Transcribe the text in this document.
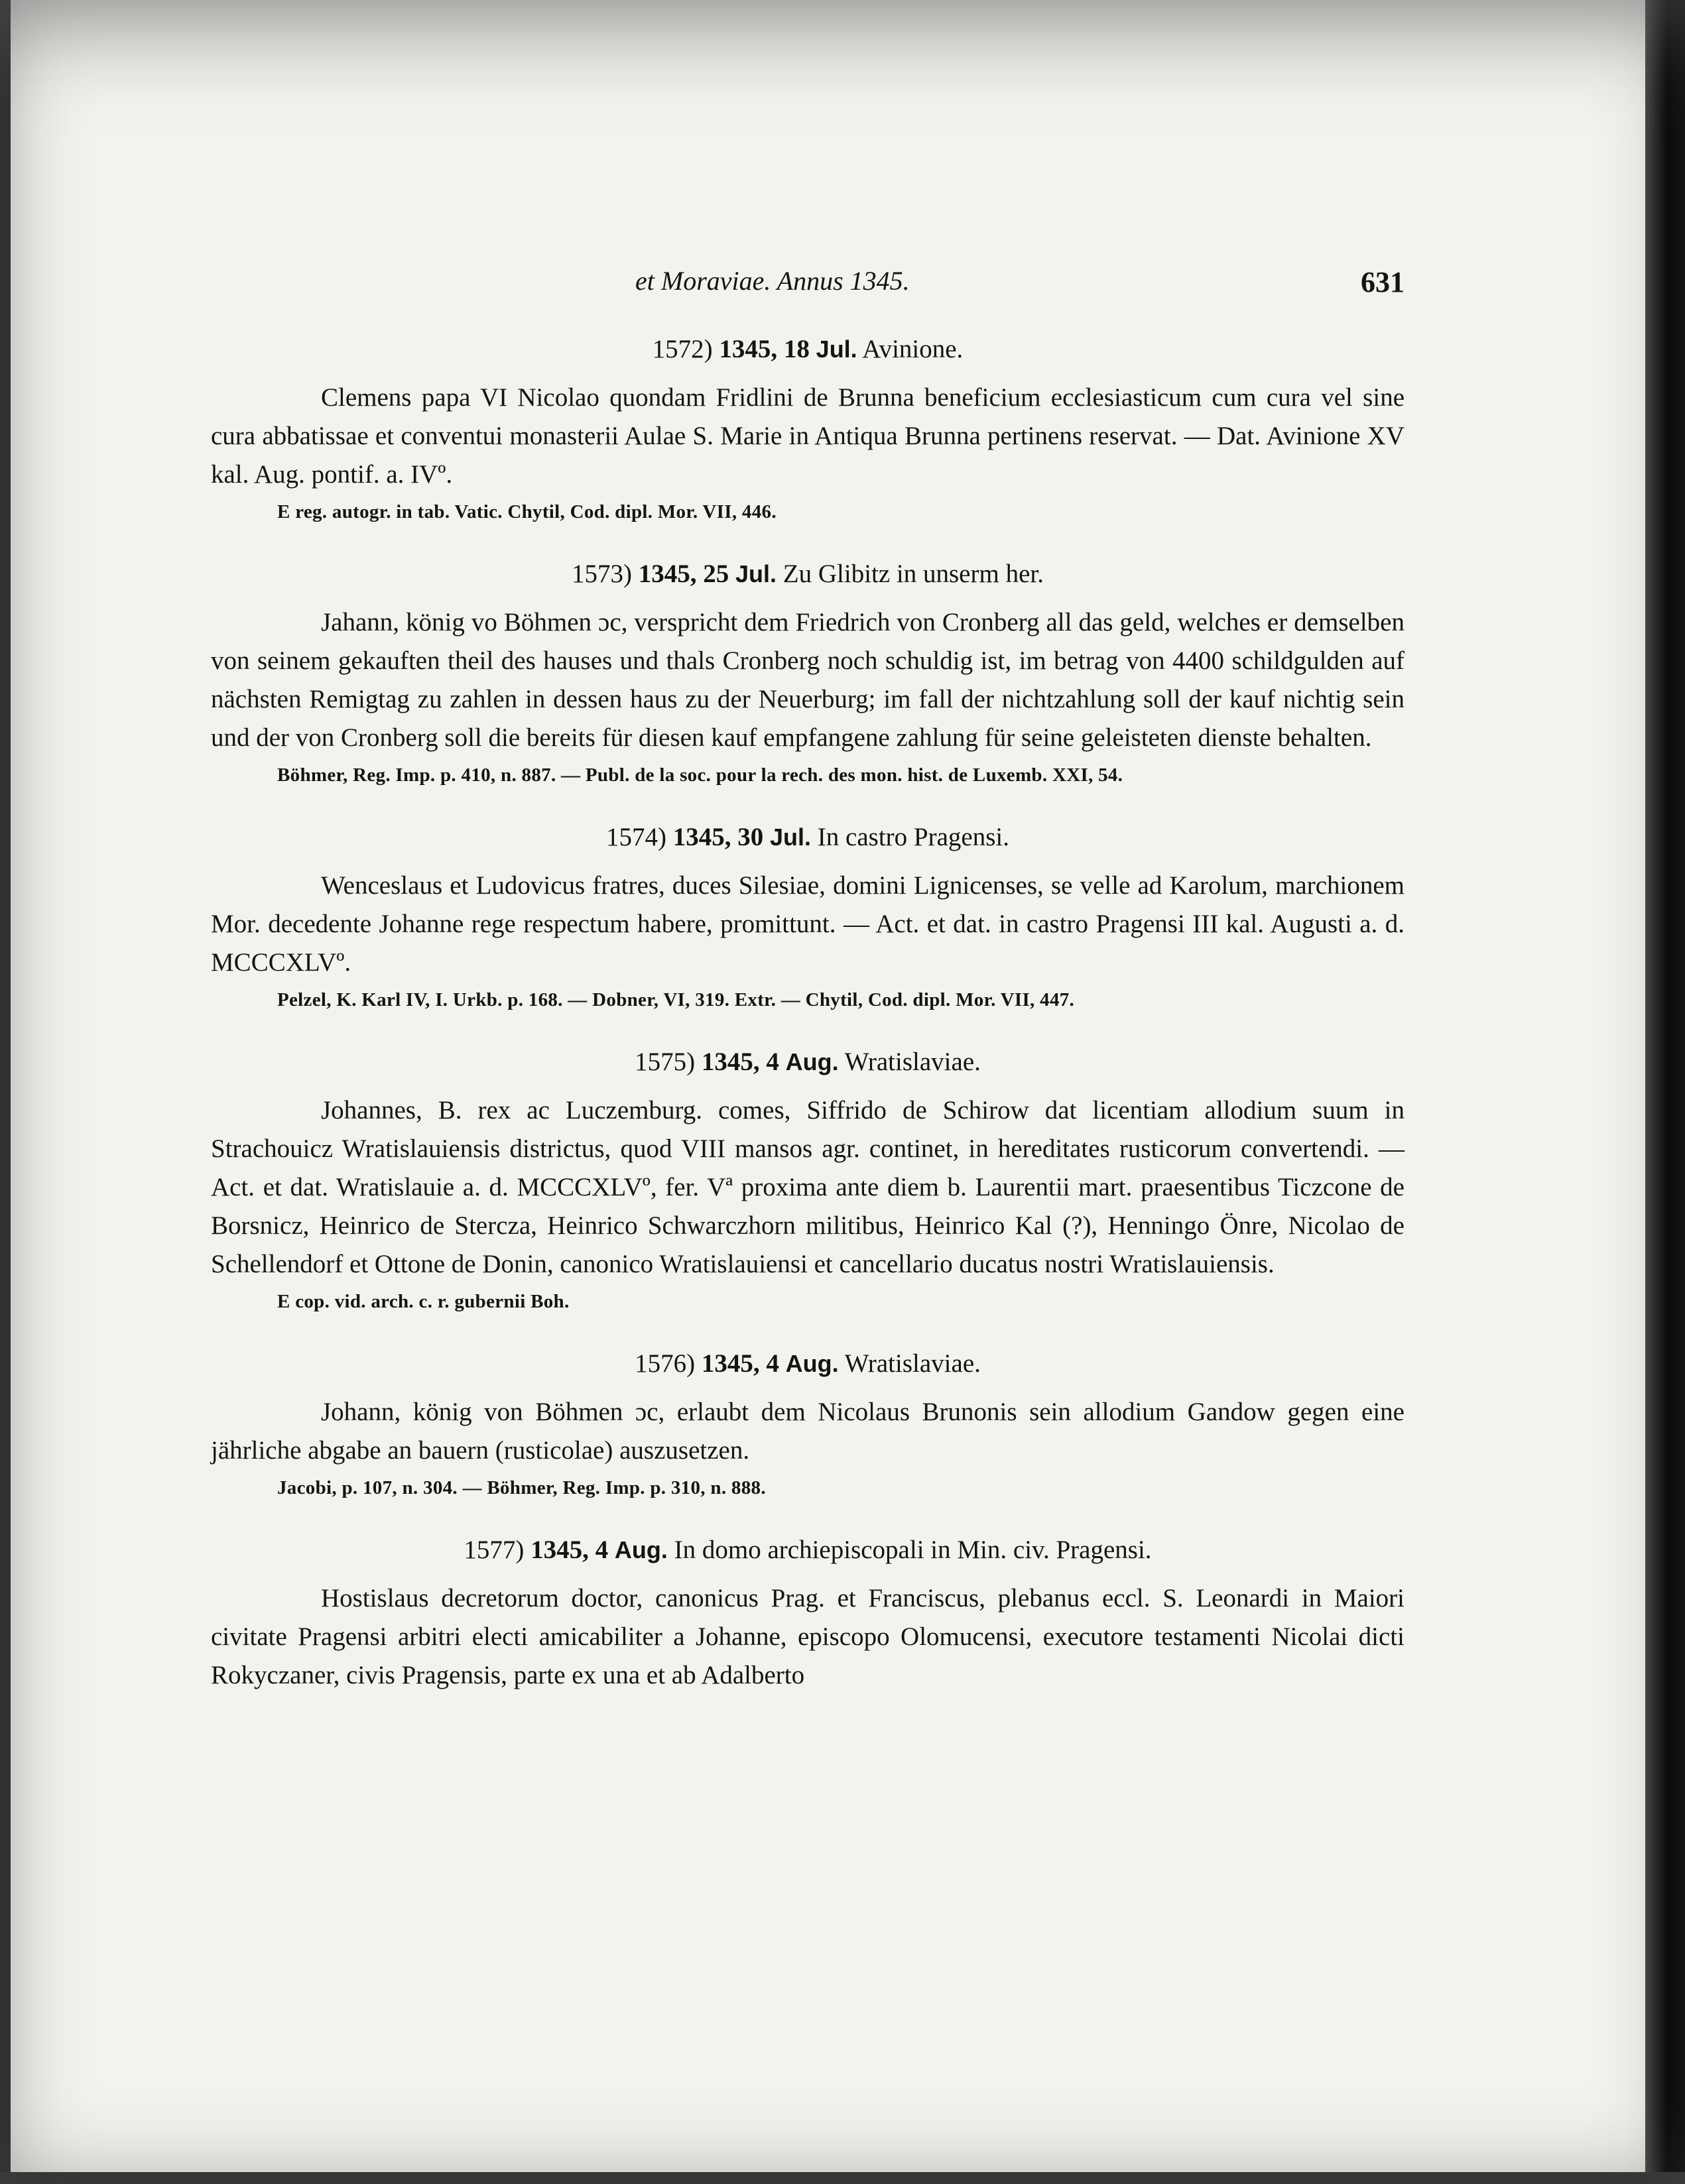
et Moraviae. Annus 1345.	631
1572) 1345, 18 Jul. Avinione.
Clemens papa VI Nicolao quondam Fridlini de Brunna beneficium ecclesiasticum cum cura vel sine cura abbatissae et conventui monasterii Aulae S. Marie in Antiqua Brunna pertinens reservat. — Dat. Avinione XV kal. Aug. pontif. a. IVº.
E reg. autogr. in tab. Vatic. Chytil, Cod. dipl. Mor. VII, 446.
1573) 1345, 25 Jul. Zu Glibitz in unserm her.
Jahann, könig vo Böhmen ɔc, verspricht dem Friedrich von Cronberg all das geld, welches er demselben von seinem gekauften theil des hauses und thals Cronberg noch schuldig ist, im betrag von 4400 schildgulden auf nächsten Remigtag zu zahlen in dessen haus zu der Neuerburg; im fall der nichtzahlung soll der kauf nichtig sein und der von Cronberg soll die bereits für diesen kauf empfangene zahlung für seine geleisteten dienste behalten.
Böhmer, Reg. Imp. p. 410, n. 887. — Publ. de la soc. pour la rech. des mon. hist. de Luxemb. XXI, 54.
1574) 1345, 30 Jul. In castro Pragensi.
Wenceslaus et Ludovicus fratres, duces Silesiae, domini Lignicenses, se velle ad Karolum, marchionem Mor. decedente Johanne rege respectum habere, promittunt. — Act. et dat. in castro Pragensi III kal. Augusti a. d. MCCCXLVº.
Pelzel, K. Karl IV, I. Urkb. p. 168. — Dobner, VI, 319. Extr. — Chytil, Cod. dipl. Mor. VII, 447.
1575) 1345, 4 Aug. Wratislaviae.
Johannes, B. rex ac Luczemburg. comes, Siffrido de Schirow dat licentiam allodium suum in Strachouicz Wratislauiensis districtus, quod VIII mansos agr. continet, in hereditates rusticorum convertendi. — Act. et dat. Wratislauie a. d. MCCCXLVº, fer. Vª proxima ante diem b. Laurentii mart. praesentibus Ticzcone de Borsnicz, Heinrico de Stercza, Heinrico Schwarczhorn militibus, Heinrico Kal (?), Henningo Önre, Nicolao de Schellendorf et Ottone de Donin, canonico Wratislauiensi et cancellario ducatus nostri Wratislauiensis.
E cop. vid. arch. c. r. gubernii Boh.
1576) 1345, 4 Aug. Wratislaviae.
Johann, könig von Böhmen ɔc, erlaubt dem Nicolaus Brunonis sein allodium Gandow gegen eine jährliche abgabe an bauern (rusticolae) auszusetzen.
Jacobi, p. 107, n. 304. — Böhmer, Reg. Imp. p. 310, n. 888.
1577) 1345, 4 Aug. In domo archiepiscopali in Min. civ. Pragensi.
Hostislaus decretorum doctor, canonicus Prag. et Franciscus, plebanus eccl. S. Leonardi in Maiori civitate Pragensi arbitri electi amicabiliter a Johanne, episcopo Olomucensi, executore testamenti Nicolai dicti Rokyczaner, civis Pragensis, parte ex una et ab Adalberto
